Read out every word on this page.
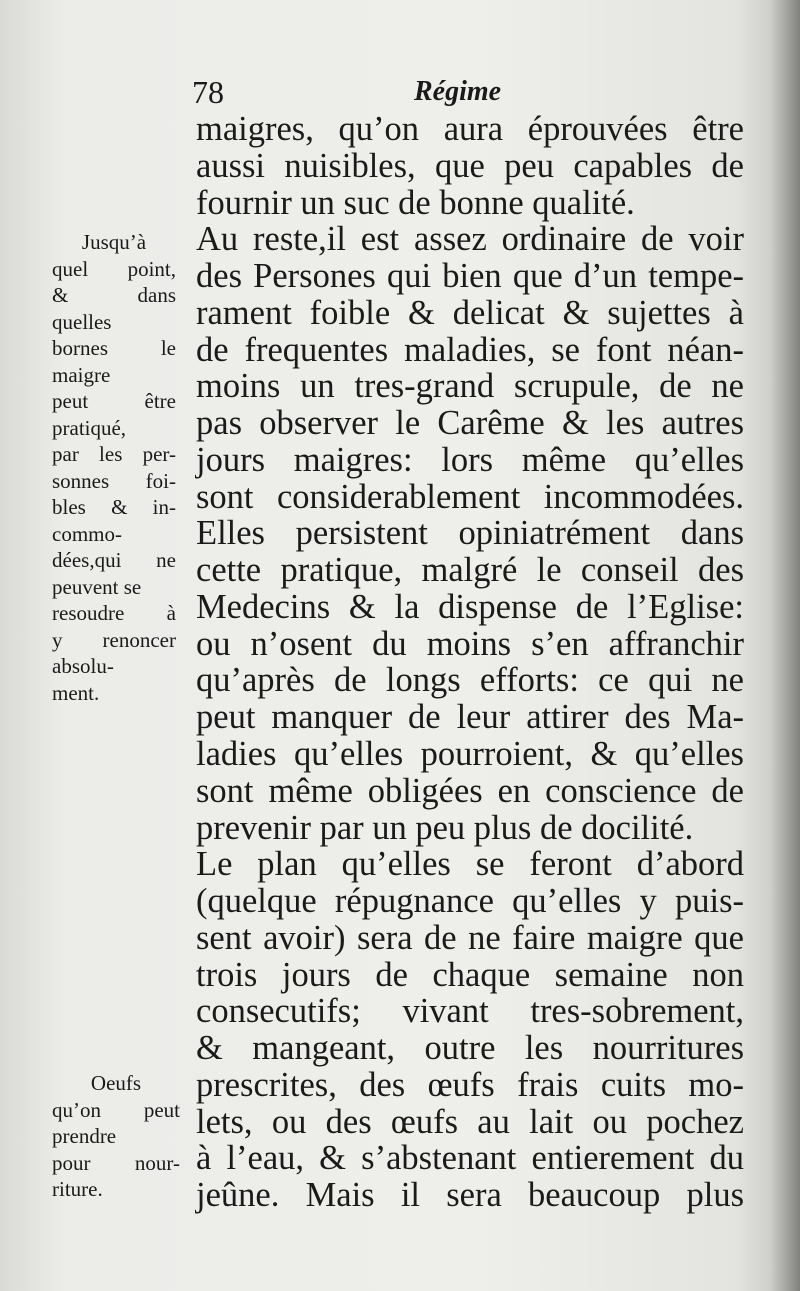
78	Régime
maigres, qu’on aura éprouvées être
aussi nuisibles, que peu capables de
fournir un suc de bonne qualité.
Au reste,il est assez ordinaire de voir
des Persones qui bien que d’un tempe-
rament foible & delicat & sujettes à
de frequentes maladies, se font néan-
moins un tres-grand scrupule, de ne
pas observer le Carême & les autres
jours maigres: lors même qu’elles
sont considerablement incommodées.
Elles persistent opiniatrément dans
cette pratique, malgré le conseil des
Medecins & la dispense de l’Eglise:
ou n’osent du moins s’en affranchir
qu’après de longs efforts: ce qui ne
peut manquer de leur attirer des Ma-
ladies qu’elles pourroient, & qu’elles
sont même obligées en conscience de
prevenir par un peu plus de docilité.
Le plan qu’elles se feront d’abord
(quelque répugnance qu’elles y puis-
sent avoir) sera de ne faire maigre que
trois jours de chaque semaine non
consecutifs; vivant tres-sobrement,
& mangeant, outre les nourritures
prescrites, des œufs frais cuits mo-
lets, ou des œufs au lait ou pochez
à l’eau, & s’abstenant entierement du
jeûne. Mais il sera beaucoup plus
Jusqu’à
quel point,
& dans
quelles
bornes le
maigre
peut être
pratiqué,
par les per-
sonnes foi-
bles & in-
commo-
dées,qui ne
peuvent se
resoudre à
y renoncer
absolu-
ment.
Oeufs
qu’on peut
prendre
pour nour-
riture.
